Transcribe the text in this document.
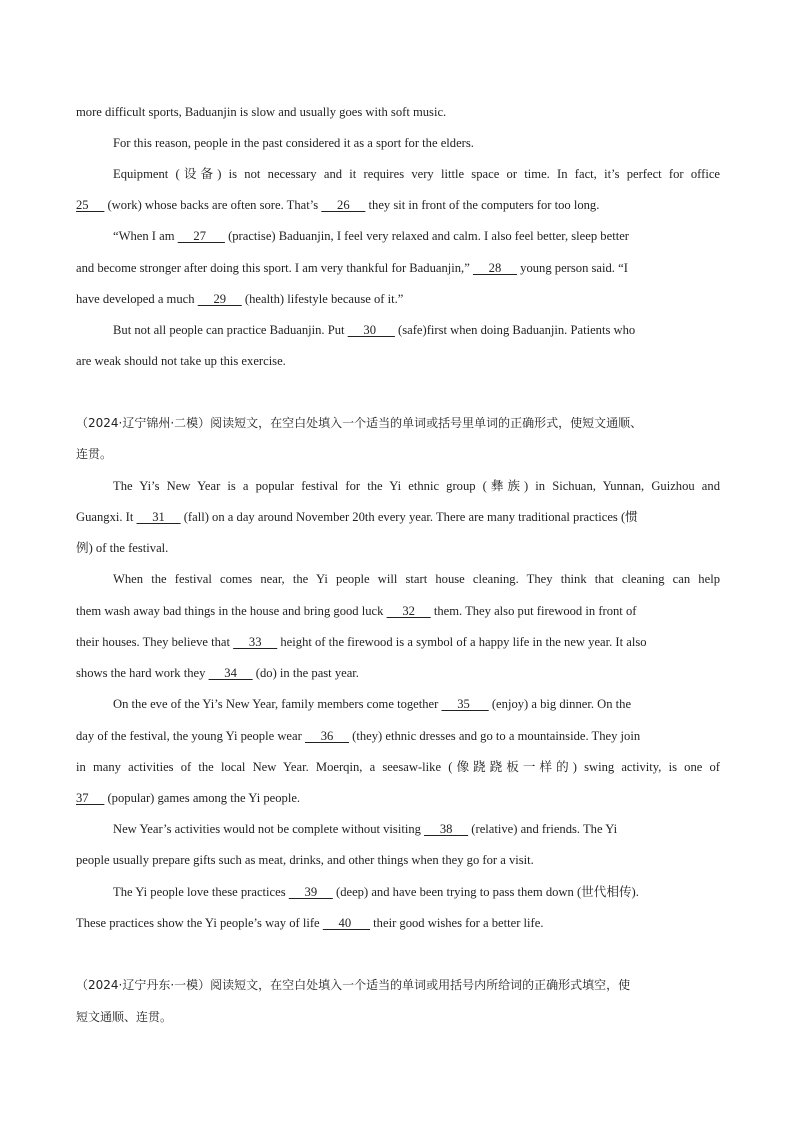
more difficult sports, Baduanjin is slow and usually goes with soft music.
For this reason, people in the past considered it as a sport for the elders.
Equipment (设备) is not necessary and it requires very little space or time. In fact, it’s perfect for office
25      (work) whose backs are often sore. That’s      26      they sit in front of the computers for too long.
“When I am      27       (practise) Baduanjin, I feel very relaxed and calm. I also feel better, sleep better
and become stronger after doing this sport. I am very thankful for Baduanjin,”      28      young person said. “I
have developed a much      29      (health) lifestyle because of it.”
But not all people can practice Baduanjin. Put      30       (safe)first when doing Baduanjin. Patients who
are weak should not take up this exercise.
（2024·辽宁锦州·二模）阅读短文，在空白处填入一个适当的单词或括号里单词的正确形式，使短文通顺、
连贯。
The Yi’s New Year is a popular festival for the Yi ethnic group (彝族) in Sichuan, Yunnan, Guizhou and
Guangxi. It      31      (fall) on a day around November 20th every year. There are many traditional practices (惯
例) of the festival.
When the festival comes near, the Yi people will start house cleaning. They think that cleaning can help
them wash away bad things in the house and bring good luck      32      them. They also put firewood in front of
their houses. They believe that      33      height of the firewood is a symbol of a happy life in the new year. It also
shows the hard work they      34      (do) in the past year.
On the eve of the Yi’s New Year, family members come together      35       (enjoy) a big dinner. On the
day of the festival, the young Yi people wear      36      (they) ethnic dresses and go to a mountainside. They join
in many activities of the local New Year. Moerqin, a seesaw-like (像跷跷板一样的) swing activity, is one of
37      (popular) games among the Yi people.
New Year’s activities would not be complete without visiting      38      (relative) and friends. The Yi
people usually prepare gifts such as meat, drinks, and other things when they go for a visit.
The Yi people love these practices      39      (deep) and have been trying to pass them down (世代相传).
These practices show the Yi people’s way of life      40       their good wishes for a better life.
（2024·辽宁丹东·一模）阅读短文，在空白处填入一个适当的单词或用括号内所给词的正确形式填空，使
短文通顺、连贯。
